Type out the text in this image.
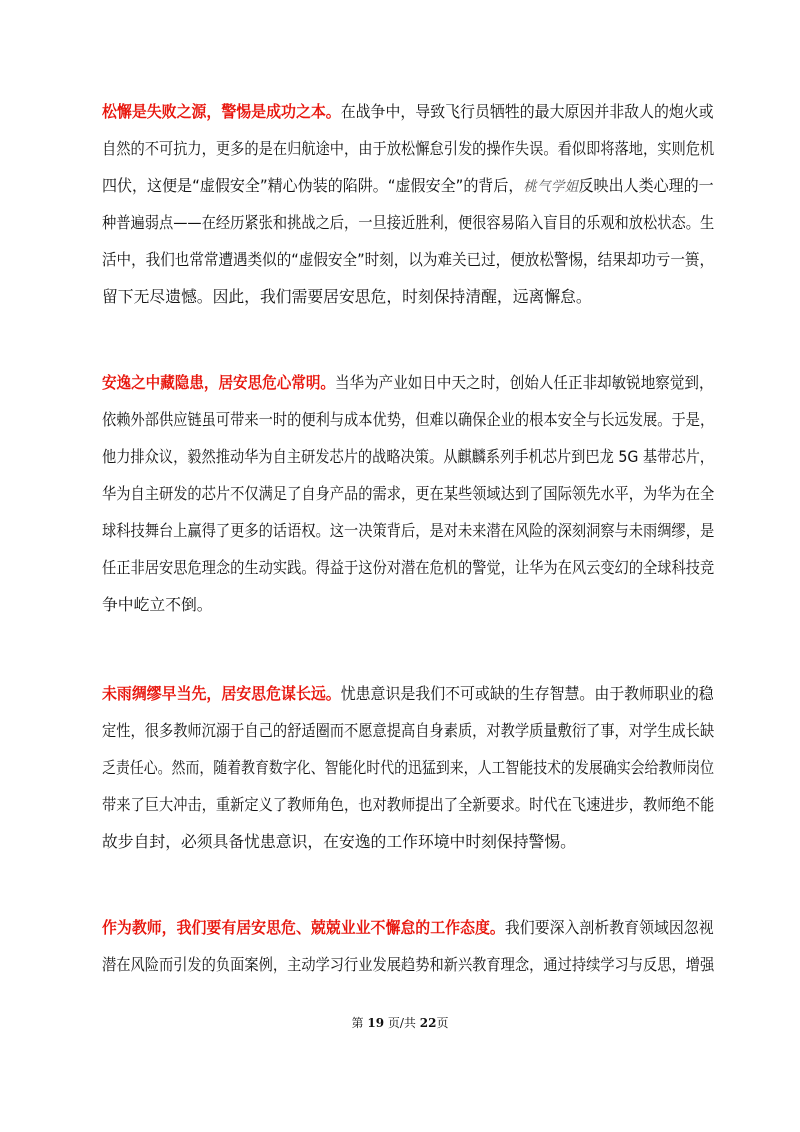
松懈是失败之源，警惕是成功之本。在战争中，导致飞行员牺牲的最大原因并非敌人的炮火或
自然的不可抗力，更多的是在归航途中，由于放松懈怠引发的操作失误。看似即将落地，实则危机
四伏，这便是“虚假安全”精心伪装的陷阱。“虚假安全”的背后，桃气学姐反映出人类心理的一
种普遍弱点——在经历紧张和挑战之后，一旦接近胜利，便很容易陷入盲目的乐观和放松状态。生
活中，我们也常常遭遇类似的“虚假安全”时刻，以为难关已过，便放松警惕，结果却功亏一篑，
留下无尽遗憾。因此，我们需要居安思危，时刻保持清醒，远离懈怠。
安逸之中藏隐患，居安思危心常明。当华为产业如日中天之时，创始人任正非却敏锐地察觉到，
依赖外部供应链虽可带来一时的便利与成本优势，但难以确保企业的根本安全与长远发展。于是，
他力排众议，毅然推动华为自主研发芯片的战略决策。从麒麟系列手机芯片到巴龙 5G 基带芯片，
华为自主研发的芯片不仅满足了自身产品的需求，更在某些领域达到了国际领先水平，为华为在全
球科技舞台上赢得了更多的话语权。这一决策背后，是对未来潜在风险的深刻洞察与未雨绸缪，是
任正非居安思危理念的生动实践。得益于这份对潜在危机的警觉，让华为在风云变幻的全球科技竞
争中屹立不倒。
未雨绸缪早当先，居安思危谋长远。忧患意识是我们不可或缺的生存智慧。由于教师职业的稳
定性，很多教师沉溺于自己的舒适圈而不愿意提高自身素质，对教学质量敷衍了事，对学生成长缺
乏责任心。然而，随着教育数字化、智能化时代的迅猛到来，人工智能技术的发展确实会给教师岗位
带来了巨大冲击，重新定义了教师角色，也对教师提出了全新要求。时代在飞速进步，教师绝不能
故步自封，必须具备忧患意识，在安逸的工作环境中时刻保持警惕。
作为教师，我们要有居安思危、兢兢业业不懈怠的工作态度。我们要深入剖析教育领域因忽视
潜在风险而引发的负面案例，主动学习行业发展趋势和新兴教育理念，通过持续学习与反思，增强
第 19 页/共 22页
